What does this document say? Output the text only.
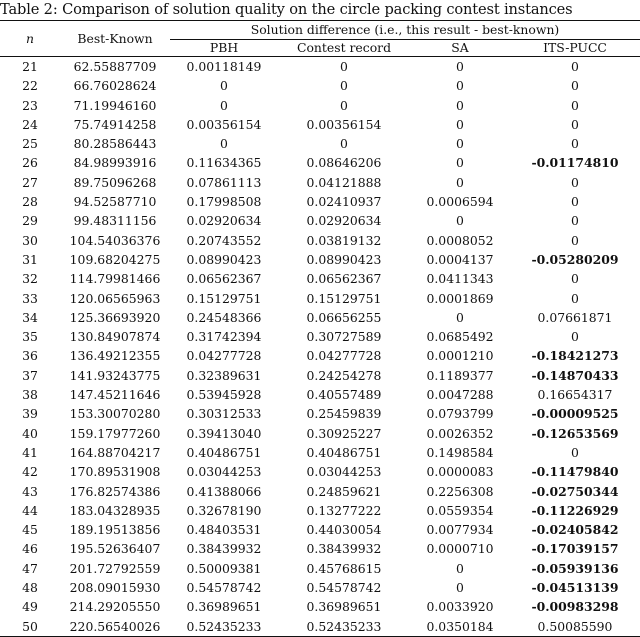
Table 2: Comparison of solution quality on the circle packing contest instances
n	Best-Known	Solution difference (i.e., this result - best-known)			
		PBH	Contest record	SA	ITS-PUCC
21	62.55887709	0.00118149	0	0	0
22	66.76028624	0	0	0	0
23	71.19946160	0	0	0	0
24	75.74914258	0.00356154	0.00356154	0	0
25	80.28586443	0	0	0	0
26	84.98993916	0.11634365	0.08646206	0	-0.01174810
27	89.75096268	0.07861113	0.04121888	0	0
28	94.52587710	0.17998508	0.02410937	0.0006594	0
29	99.48311156	0.02920634	0.02920634	0	0
30	104.54036376	0.20743552	0.03819132	0.0008052	0
31	109.68204275	0.08990423	0.08990423	0.0004137	-0.05280209
32	114.79981466	0.06562367	0.06562367	0.0411343	0
33	120.06565963	0.15129751	0.15129751	0.0001869	0
34	125.36693920	0.24548366	0.06656255	0	0.07661871
35	130.84907874	0.31742394	0.30727589	0.0685492	0
36	136.49212355	0.04277728	0.04277728	0.0001210	-0.18421273
37	141.93243775	0.32389631	0.24254278	0.1189377	-0.14870433
38	147.45211646	0.53945928	0.40557489	0.0047288	0.16654317
39	153.30070280	0.30312533	0.25459839	0.0793799	-0.00009525
40	159.17977260	0.39413040	0.30925227	0.0026352	-0.12653569
41	164.88704217	0.40486751	0.40486751	0.1498584	0
42	170.89531908	0.03044253	0.03044253	0.0000083	-0.11479840
43	176.82574386	0.41388066	0.24859621	0.2256308	-0.02750344
44	183.04328935	0.32678190	0.13277222	0.0559354	-0.11226929
45	189.19513856	0.48403531	0.44030054	0.0077934	-0.02405842
46	195.52636407	0.38439932	0.38439932	0.0000710	-0.17039157
47	201.72792559	0.50009381	0.45768615	0	-0.05939136
48	208.09015930	0.54578742	0.54578742	0	-0.04513139
49	214.29205550	0.36989651	0.36989651	0.0033920	-0.00983298
50	220.56540026	0.52435233	0.52435233	0.0350184	0.50085590
